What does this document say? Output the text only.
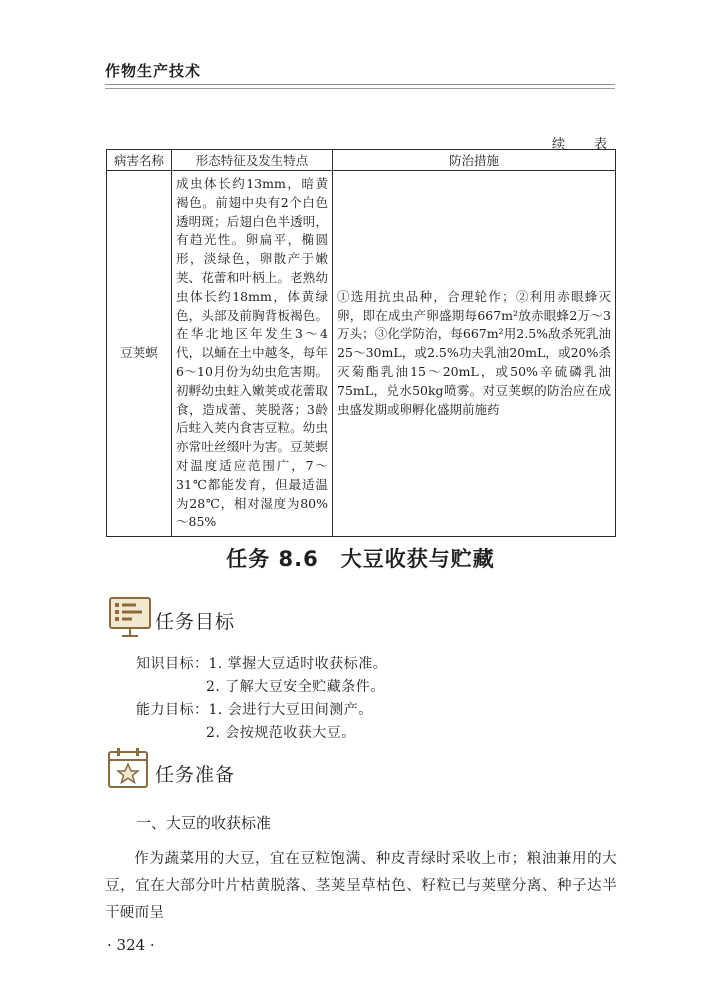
作物生产技术
续　表
病害名称	形态特征及发生特点	防治措施
豆荚螟	成虫体长约13mm，暗黄褐色。前翅中央有2个白色透明斑；后翅白色半透明，有趋光性。卵扁平，椭圆形，淡绿色，卵散产于嫩荚、花蕾和叶柄上。老熟幼虫体长约18mm，体黄绿色，头部及前胸背板褐色。在华北地区年发生3～4代，以蛹在土中越冬，每年6～10月份为幼虫危害期。初孵幼虫蛀入嫩荚或花蕾取食，造成蕾、荚脱落；3龄后蛀入荚内食害豆粒。幼虫亦常吐丝缀叶为害。豆荚螟对温度适应范围广，7～31℃都能发育，但最适温为28℃，相对湿度为80%～85%	①选用抗虫品种，合理轮作；②利用赤眼蜂灭卵，即在成虫产卵盛期每667m²放赤眼蜂2万～3万头；③化学防治，每667m²用2.5%敌杀死乳油25～30mL，或2.5%功夫乳油20mL，或20%杀灭菊酯乳油15～20mL，或50%辛硫磷乳油75mL，兑水50kg喷雾。对豆荚螟的防治应在成虫盛发期或卵孵化盛期前施药
任务 8.6　大豆收获与贮藏
任务目标
知识目标：1. 掌握大豆适时收获标准。
2. 了解大豆安全贮藏条件。
能力目标：1. 会进行大豆田间测产。
2. 会按规范收获大豆。
任务准备
一、大豆的收获标准
作为蔬菜用的大豆，宜在豆粒饱满、种皮青绿时采收上市；粮油兼用的大豆，宜在大部分叶片枯黄脱落、茎荚呈草枯色、籽粒已与荚壁分离、种子达半干硬而呈
· 324 ·
